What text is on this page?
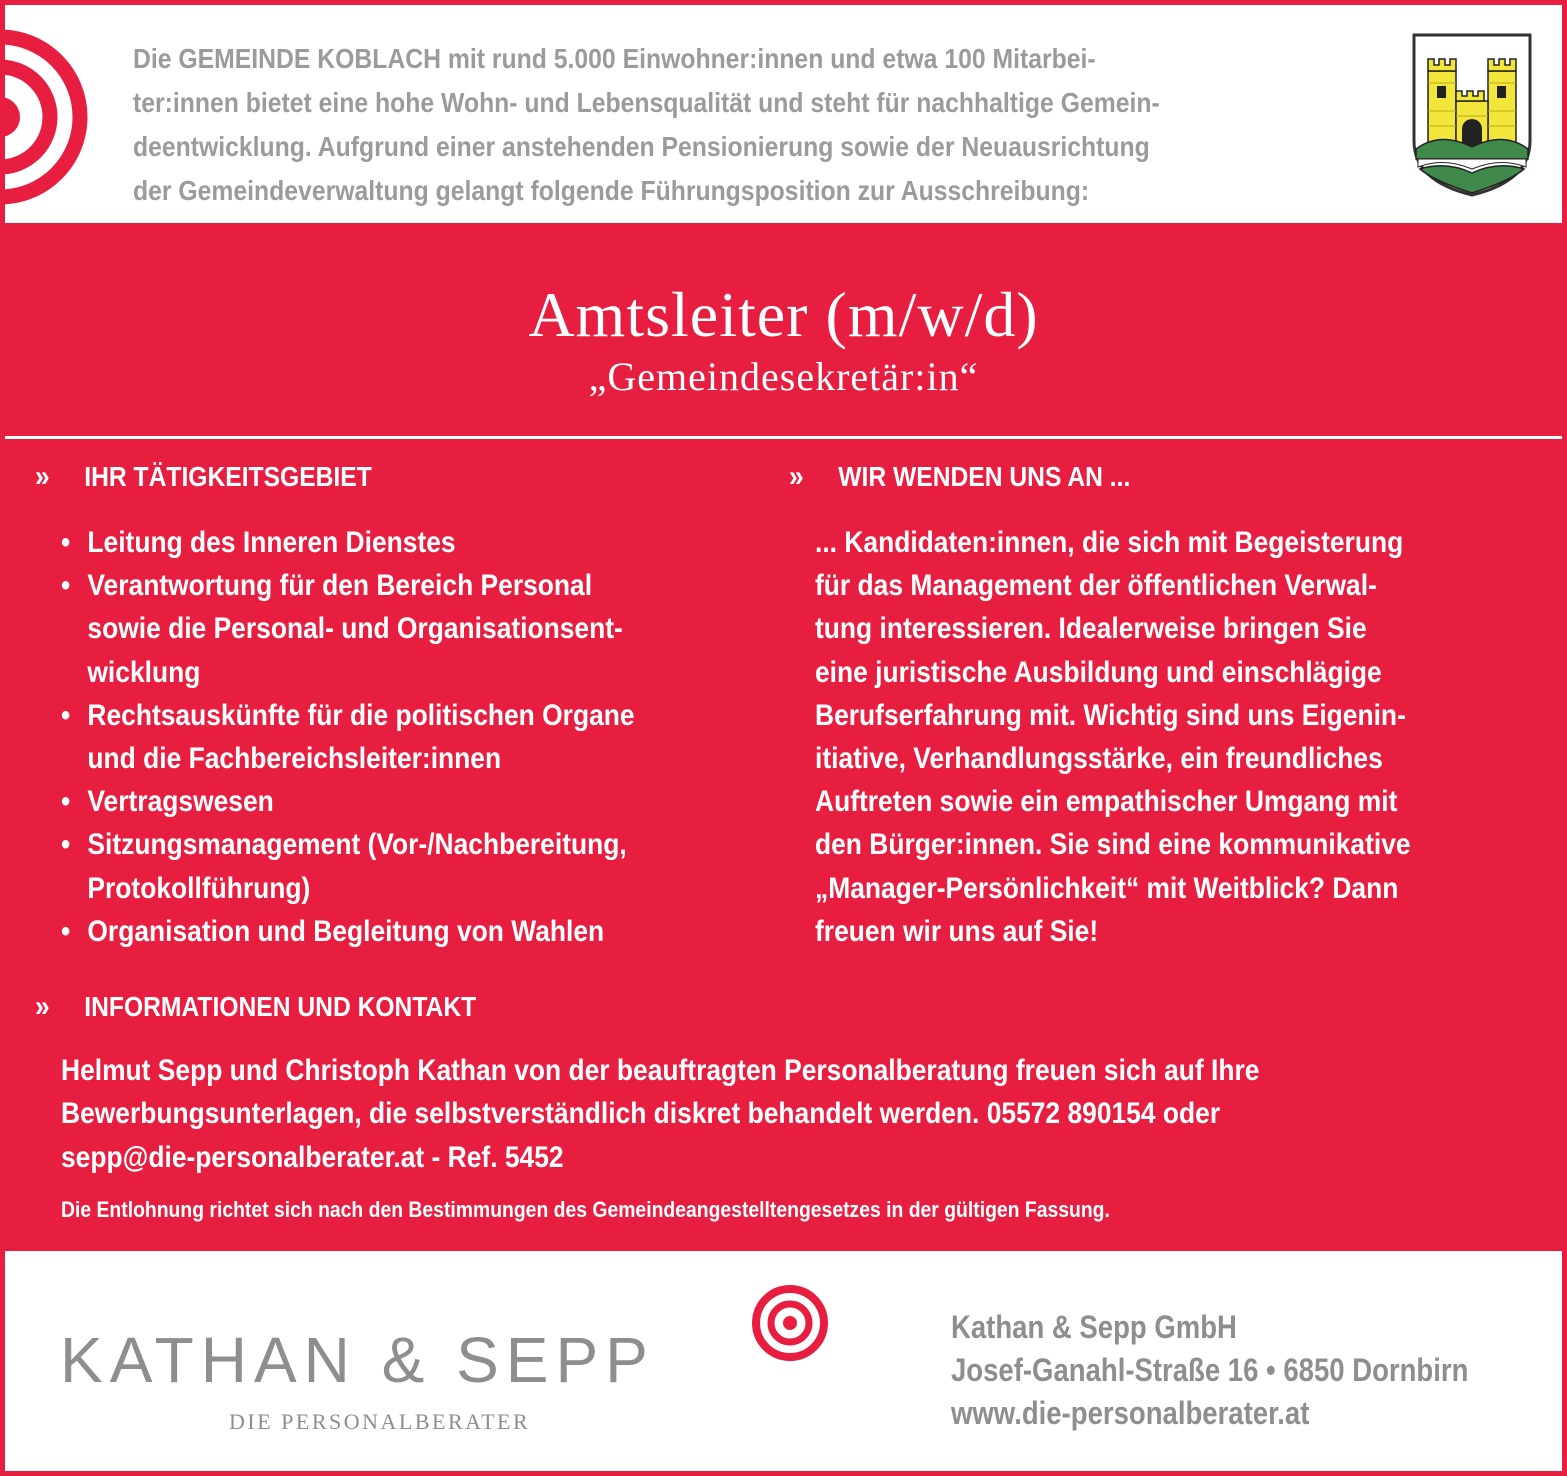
Die GEMEINDE KOBLACH mit rund 5.000 Einwohner:innen und etwa 100 Mitarbei-
ter:innen bietet eine hohe Wohn- und Lebensqualität und steht für nachhaltige Gemein-
deentwicklung. Aufgrund einer anstehenden Pensionierung sowie der Neuausrichtung
der Gemeindeverwaltung gelangt folgende Führungsposition zur Ausschreibung:
Amtsleiter (m/w/d)
„Gemeindesekretär:in“
» IHR TÄTIGKEITSGEBIET	» WIR WENDEN UNS AN ...
• Leitung des Inneren Dienstes
• Verantwortung für den Bereich Personal
sowie die Personal- und Organisationsent-
wicklung
• Rechtsauskünfte für die politischen Organe
und die Fachbereichsleiter:innen
• Vertragswesen
• Sitzungsmanagement (Vor-/Nachbereitung,
Protokollführung)
• Organisation und Begleitung von Wahlen
... Kandidaten:innen, die sich mit Begeisterung
für das Management der öffentlichen Verwal-
tung interessieren. Idealerweise bringen Sie
eine juristische Ausbildung und einschlägige
Berufserfahrung mit. Wichtig sind uns Eigenin-
itiative, Verhandlungsstärke, ein freundliches
Auftreten sowie ein empathischer Umgang mit
den Bürger:innen. Sie sind eine kommunikative
„Manager-Persönlichkeit“ mit Weitblick? Dann
freuen wir uns auf Sie!
» INFORMATIONEN UND KONTAKT
Helmut Sepp und Christoph Kathan von der beauftragten Personalberatung freuen sich auf Ihre
Bewerbungsunterlagen, die selbstverständlich diskret behandelt werden. 05572 890154 oder
sepp@die-personalberater.at - Ref. 5452
Die Entlohnung richtet sich nach den Bestimmungen des Gemeindeangestelltengesetzes in der gültigen Fassung.
KATHAN & SEPP
DIE PERSONALBERATER
Kathan & Sepp GmbH
Josef-Ganahl-Straße 16 • 6850 Dornbirn
www.die-personalberater.at
